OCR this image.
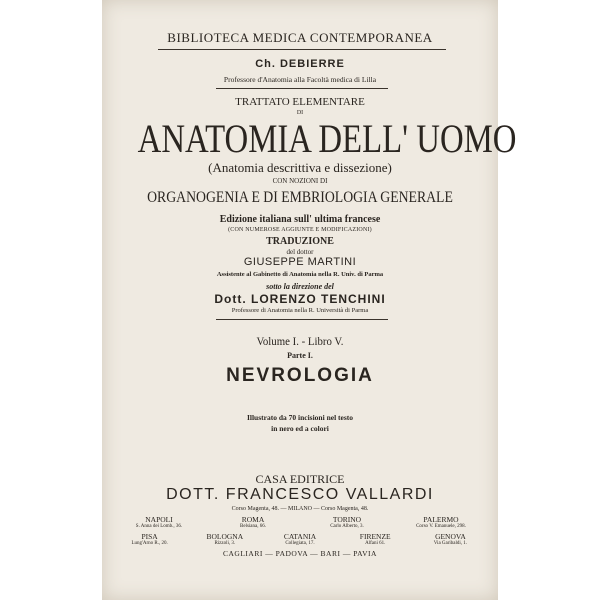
BIBLIOTECA MEDICA CONTEMPORANEA
Ch. DEBIERRE
Professore d'Anatomia alla Facoltà medica di Lilla
TRATTATO ELEMENTARE
DI
ANATOMIA DELL' UOMO
(Anatomia descrittiva e dissezione)
CON NOZIONI DI
ORGANOGENIA E DI EMBRIOLOGIA GENERALE
Edizione italiana sull' ultima francese
(CON NUMEROSE AGGIUNTE E MODIFICAZIONI)
TRADUZIONE
del dottor
GIUSEPPE MARTINI
Assistente al Gabinetto di Anatomia nella R. Univ. di Parma
sotto la direzione del
Dott. LORENZO TENCHINI
Professore di Anatomia nella R. Università di Parma
Volume I. - Libro V.
Parte I.
NEVROLOGIA
Illustrato da 70 incisioni nel testo
in nero ed a colori
CASA EDITRICE
DOTT. FRANCESCO VALLARDI
Corso Magenta, 48. — MILANO — Corso Magenta, 48.
NAPOLI	ROMA	TORINO	PALERMO
S. Anna dei Lomb., 36.	Belsiana, 66.	Carlo Alberto, 3.	Corso V. Emanuele, 298.
PISA	BOLOGNA	CATANIA	FIRENZE	GENOVA
Lung'Arno R., 20.	Rizzoli, 3.	Collegiata, 17.	Alfani 61.	Via Garibaldi, 1.
CAGLIARI — PADOVA — BARI — PAVIA
